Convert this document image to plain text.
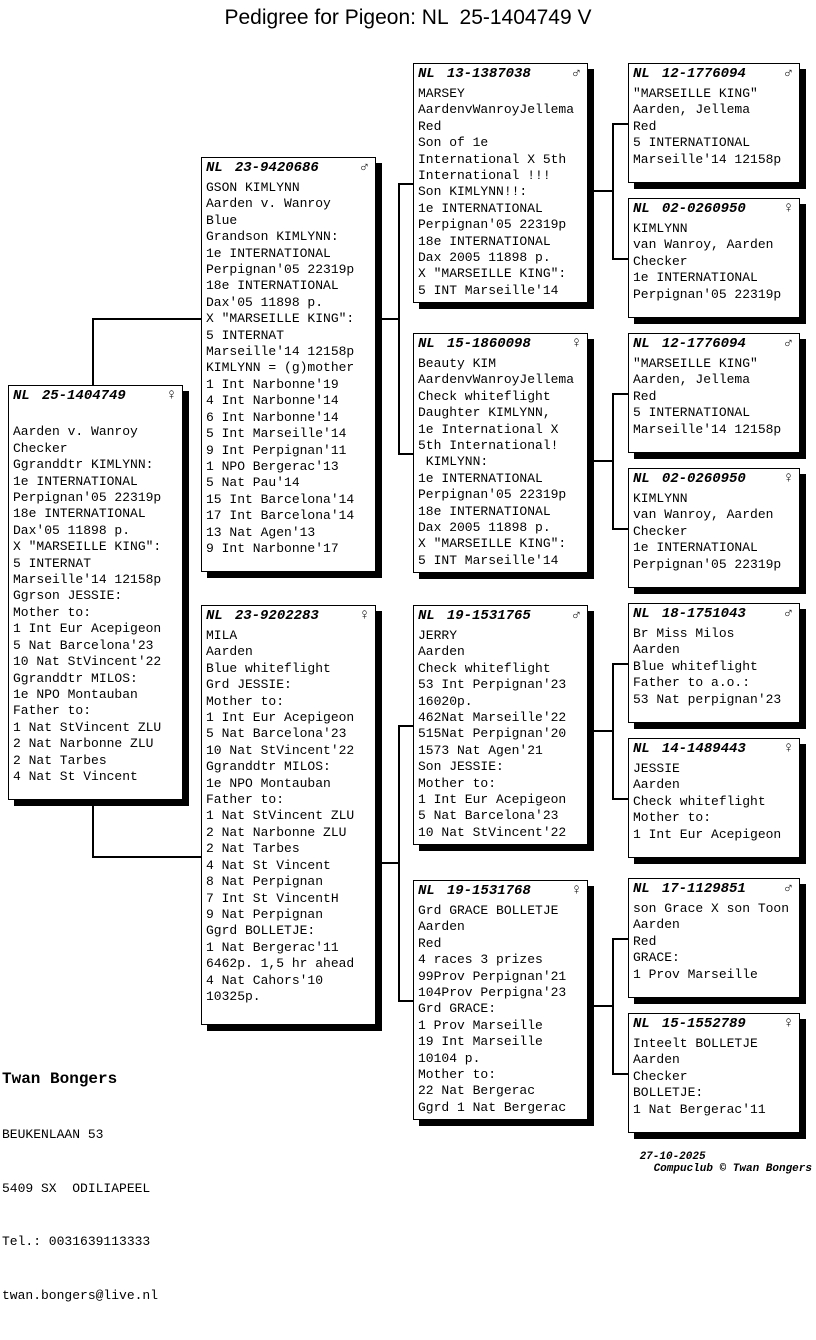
Pedigree for Pigeon: NL  25-1404749 V
NL 25-1404749	♀

Aarden v. Wanroy
Checker
Ggranddtr KIMLYNN:
1e INTERNATIONAL
Perpignan'05 22319p
18e INTERNATIONAL
Dax'05 11898 p.
X "MARSEILLE KING":
5 INTERNAT
Marseille'14 12158p
Ggrson JESSIE:
Mother to:
1 Int Eur Acepigeon
5 Nat Barcelona'23
10 Nat StVincent'22
Ggranddtr MILOS:
1e NPO Montauban
Father to:
1 Nat StVincent ZLU
2 Nat Narbonne ZLU
2 Nat Tarbes
4 Nat St Vincent
NL 23-9420686	♂
GSON KIMLYNN
Aarden v. Wanroy
Blue
Grandson KIMLYNN:
1e INTERNATIONAL
Perpignan'05 22319p
18e INTERNATIONAL
Dax'05 11898 p.
X "MARSEILLE KING":
5 INTERNAT
Marseille'14 12158p
KIMLYNN = (g)mother
1 Int Narbonne'19
4 Int Narbonne'14
6 Int Narbonne'14
5 Int Marseille'14
9 Int Perpignan'11
1 NPO Bergerac'13
5 Nat Pau'14
15 Int Barcelona'14
17 Int Barcelona'14
13 Nat Agen'13
9 Int Narbonne'17
NL 23-9202283	♀
MILA
Aarden
Blue whiteflight
Grd JESSIE:
Mother to:
1 Int Eur Acepigeon
5 Nat Barcelona'23
10 Nat StVincent'22
Ggranddtr MILOS:
1e NPO Montauban
Father to:
1 Nat StVincent ZLU
2 Nat Narbonne ZLU
2 Nat Tarbes
4 Nat St Vincent
8 Nat Perpignan
7 Int St VincentH
9 Nat Perpignan
Ggrd BOLLETJE:
1 Nat Bergerac'11
6462p. 1,5 hr ahead
4 Nat Cahors'10
10325p.
NL 13-1387038	♂
MARSEY
AardenvWanroyJellema
Red
Son of 1e
International X 5th
International !!!
Son KIMLYNN!!:
1e INTERNATIONAL
Perpignan'05 22319p
18e INTERNATIONAL
Dax 2005 11898 p.
X "MARSEILLE KING":
5 INT Marseille'14
NL 15-1860098	♀
Beauty KIM
AardenvWanroyJellema
Check whiteflight
Daughter KIMLYNN,
1e International X
5th International!
KIMLYNN:
1e INTERNATIONAL
Perpignan'05 22319p
18e INTERNATIONAL
Dax 2005 11898 p.
X "MARSEILLE KING":
5 INT Marseille'14
NL 19-1531765	♂
JERRY
Aarden
Check whiteflight
53 Int Perpignan'23
16020p.
462Nat Marseille'22
515Nat Perpignan'20
1573 Nat Agen'21
Son JESSIE:
Mother to:
1 Int Eur Acepigeon
5 Nat Barcelona'23
10 Nat StVincent'22
NL 19-1531768	♀
Grd GRACE BOLLETJE
Aarden
Red
4 races 3 prizes
99Prov Perpignan'21
104Prov Perpigna'23
Grd GRACE:
1 Prov Marseille
19 Int Marseille
10104 p.
Mother to:
22 Nat Bergerac
Ggrd 1 Nat Bergerac
NL 12-1776094	♂
"MARSEILLE KING"
Aarden, Jellema
Red
5 INTERNATIONAL
Marseille'14 12158p
NL 02-0260950	♀
KIMLYNN
van Wanroy, Aarden
Checker
1e INTERNATIONAL
Perpignan'05 22319p
NL 12-1776094	♂
"MARSEILLE KING"
Aarden, Jellema
Red
5 INTERNATIONAL
Marseille'14 12158p
NL 02-0260950	♀
KIMLYNN
van Wanroy, Aarden
Checker
1e INTERNATIONAL
Perpignan'05 22319p
NL 18-1751043	♂
Br Miss Milos
Aarden
Blue whiteflight
Father to a.o.:
53 Nat perpignan'23
NL 14-1489443	♀
JESSIE
Aarden
Check whiteflight
Mother to:
1 Int Eur Acepigeon
NL 17-1129851	♂
son Grace X son Toon
Aarden
Red
GRACE:
1 Prov Marseille
NL 15-1552789	♀
Inteelt BOLLETJE
Aarden
Checker
BOLLETJE:
1 Nat Bergerac'11

Twan Bongers

BEUKENLAAN 53

5409 SX  ODILIAPEEL

Tel.: 0031639113333

twan.bongers@live.nl

27-10-2025
Compuclub © Twan Bongers
